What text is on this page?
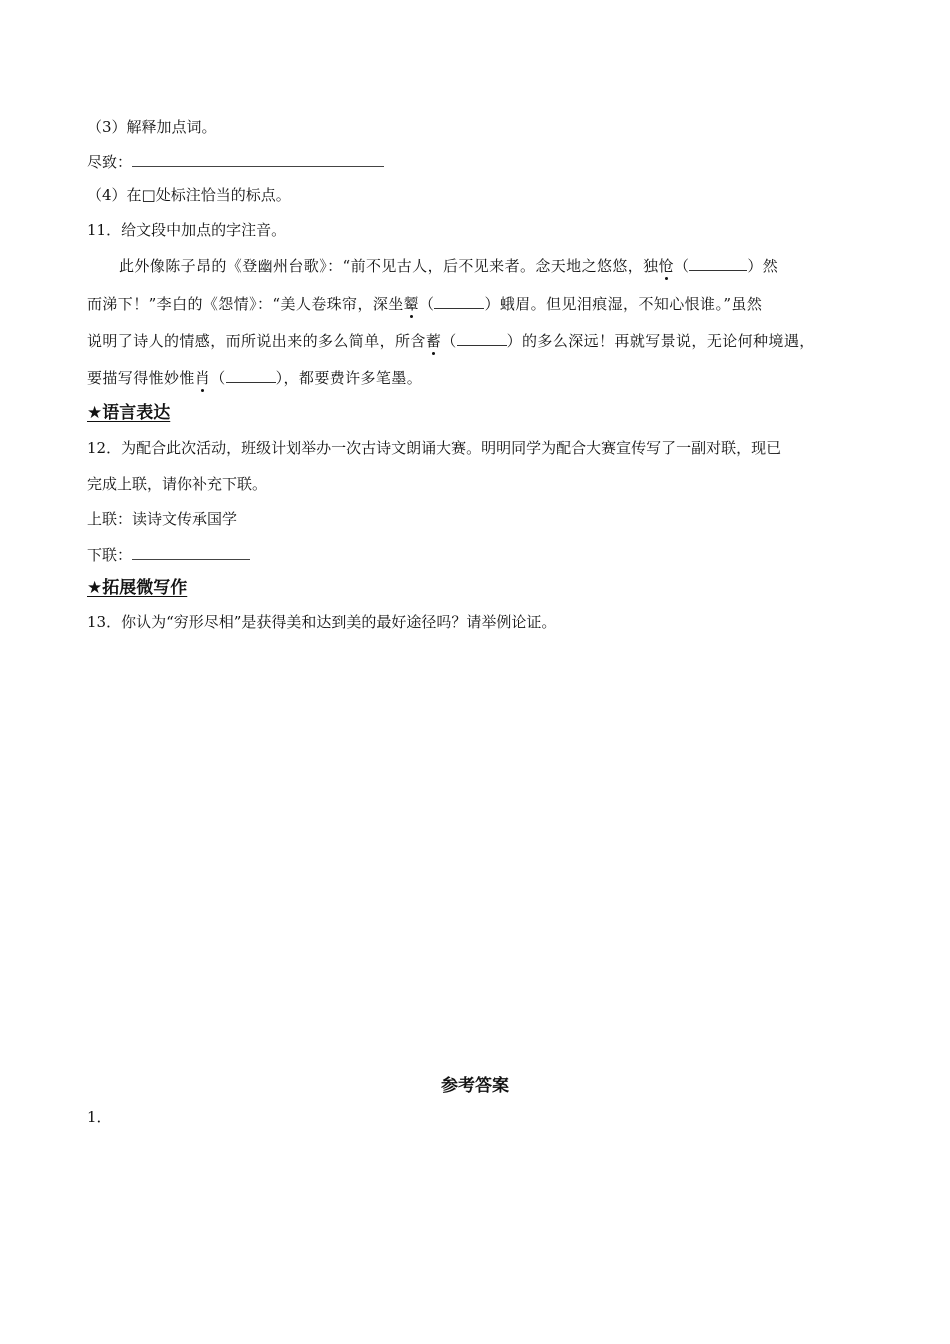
（3）解释加点词。
尽致：
（4）在□处标注恰当的标点。
11．给文段中加点的字注音。
此外像陈子昂的《登幽州台歌》：“前不见古人，后不见来者。念天地之悠悠，独怆（	）然
而涕下！”李白的《怨情》：“美人卷珠帘，深坐颦（	）蛾眉。但见泪痕湿，不知心恨谁。”虽然
说明了诗人的情感，而所说出来的多么简单，所含蓄（	）的多么深远！再就写景说，无论何种境遇，
要描写得惟妙惟肖（	），都要费许多笔墨。
★语言表达
12．为配合此次活动，班级计划举办一次古诗文朗诵大赛。明明同学为配合大赛宣传写了一副对联，现已
完成上联，请你补充下联。
上联：读诗文传承国学
下联：
★拓展微写作
13．你认为“穷形尽相”是获得美和达到美的最好途径吗？请举例论证。
参考答案
1．
